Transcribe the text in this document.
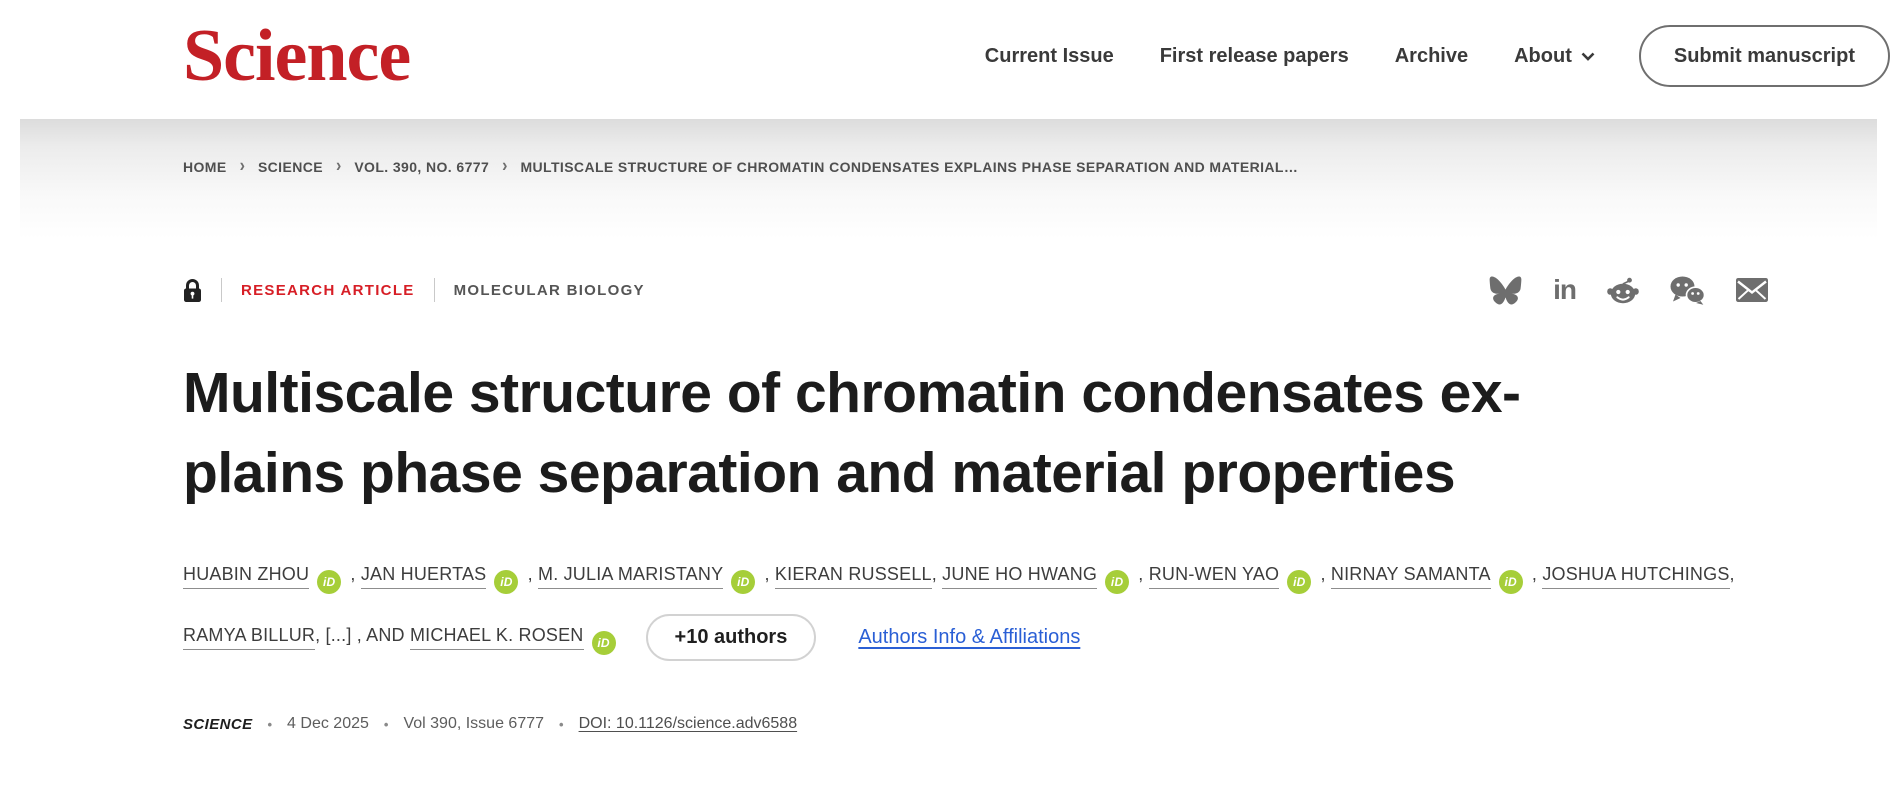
Science	Current Issue First release papers Archive About	Submit manuscript
HOME › SCIENCE › VOL. 390, NO. 6777 › MULTISCALE STRUCTURE OF CHROMATIN CONDENSATES EXPLAINS PHASE SEPARATION AND MATERIAL…
RESEARCH ARTICLE	MOLECULAR BIOLOGY	in
Multiscale structure of chromatin condensates ex-
plains phase separation and material properties
HUABIN ZHOU iD , JAN HUERTAS iD , M. JULIA MARISTANY iD , KIERAN RUSSELL, JUNE HO HWANG iD , RUN-WEN YAO iD , NIRNAY SAMANTA iD , JOSHUA HUTCHINGS,
RAMYA BILLUR, [...] , AND MICHAEL K. ROSEN iD	+10 authors	Authors Info & Affiliations
SCIENCE • 4 Dec 2025 • Vol 390, Issue 6777 • DOI: 10.1126/science.adv6588
